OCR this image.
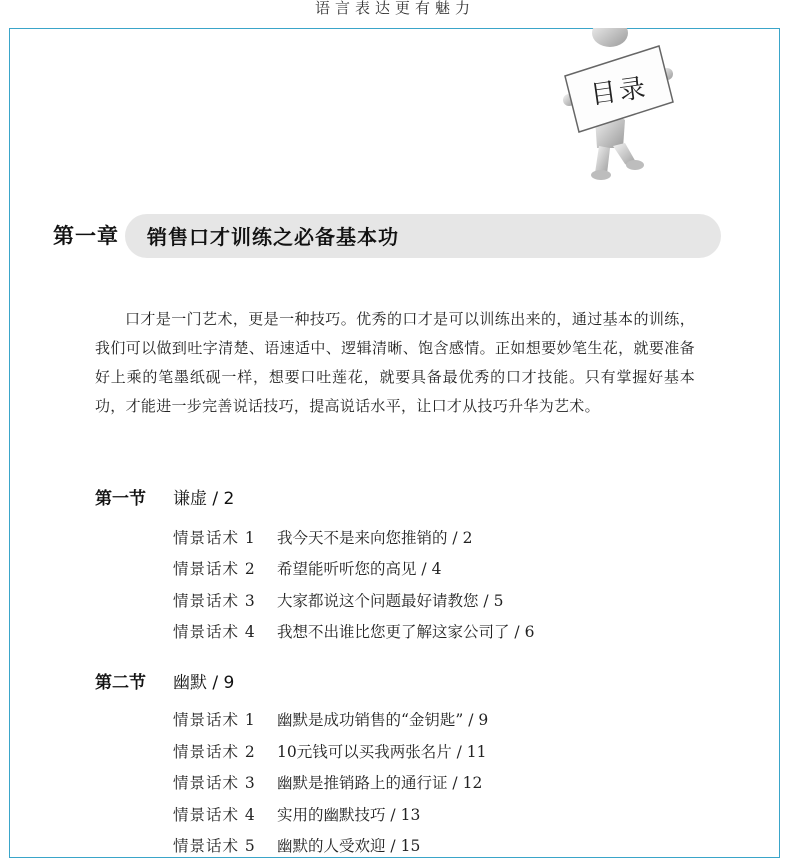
语言表达更有魅力
目录
第一章 销售口才训练之必备基本功

口才是一门艺术，更是一种技巧。优秀的口才是可以训练出来的，通过基本的训练，我们可以做到吐字清楚、语速适中、逻辑清晰、饱含感情。正如想要妙笔生花，就要准备好上乘的笔墨纸砚一样，想要口吐莲花，就要具备最优秀的口才技能。只有掌握好基本功，才能进一步完善说话技巧，提高说话水平，让口才从技巧升华为艺术。

第一节 谦虚 / 2
情景话术 1 我今天不是来向您推销的 / 2
情景话术 2 希望能听听您的高见 / 4
情景话术 3 大家都说这个问题最好请教您 / 5
情景话术 4 我想不出谁比您更了解这家公司了 / 6
第二节 幽默 / 9
情景话术 1 幽默是成功销售的“金钥匙” / 9
情景话术 2 10元钱可以买我两张名片 / 11
情景话术 3 幽默是推销路上的通行证 / 12
情景话术 4 实用的幽默技巧 / 13
情景话术 5 幽默的人受欢迎 / 15
